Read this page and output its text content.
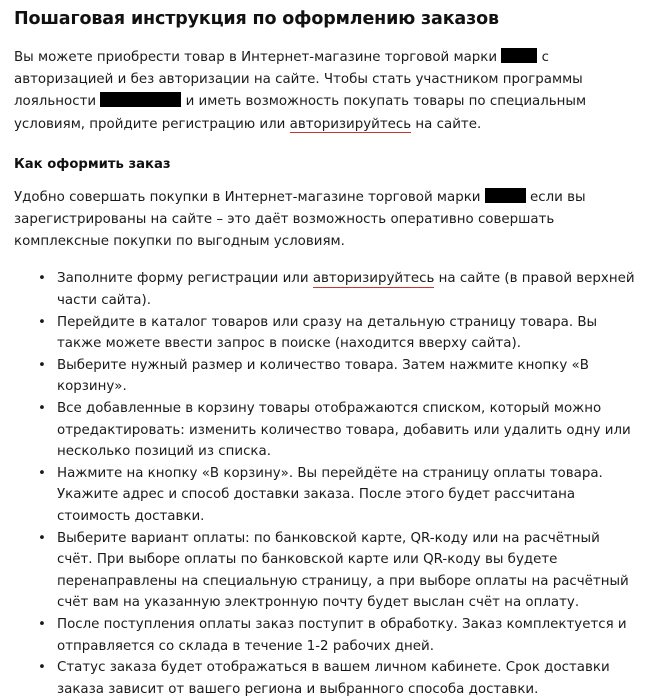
Пошаговая инструкция по оформлению заказов

Вы можете приобрести товар в Интернет-магазине торговой марки	с авторизацией и без авторизации на сайте. Чтобы стать участником программы лояльности	и иметь возможность покупать товары по специальным условиям, пройдите регистрацию или авторизируйтесь на сайте.

Как оформить заказ

Удобно совершать покупки в Интернет-магазине торговой марки	если вы зарегистрированы на сайте – это даёт возможность оперативно совершать комплексные покупки по выгодным условиям.

• Заполните форму регистрации или авторизируйтесь на сайте (в правой верхней части сайта).
• Перейдите в каталог товаров или сразу на детальную страницу товара. Вы также можете ввести запрос в поиске (находится вверху сайта).
• Выберите нужный размер и количество товара. Затем нажмите кнопку «В корзину».
• Все добавленные в корзину товары отображаются списком, который можно отредактировать: изменить количество товара, добавить или удалить одну или несколько позиций из списка.
• Нажмите на кнопку «В корзину». Вы перейдёте на страницу оплаты товара. Укажите адрес и способ доставки заказа. После этого будет рассчитана стоимость доставки.
• Выберите вариант оплаты: по банковской карте, QR-коду или на расчётный счёт. При выборе оплаты по банковской карте или QR-коду вы будете перенаправлены на специальную страницу, а при выборе оплаты на расчётный счёт вам на указанную электронную почту будет выслан счёт на оплату.
• После поступления оплаты заказ поступит в обработку. Заказ комплектуется и отправляется со склада в течение 1-2 рабочих дней.
• Статус заказа будет отображаться в вашем личном кабинете. Срок доставки заказа зависит от вашего региона и выбранного способа доставки.
